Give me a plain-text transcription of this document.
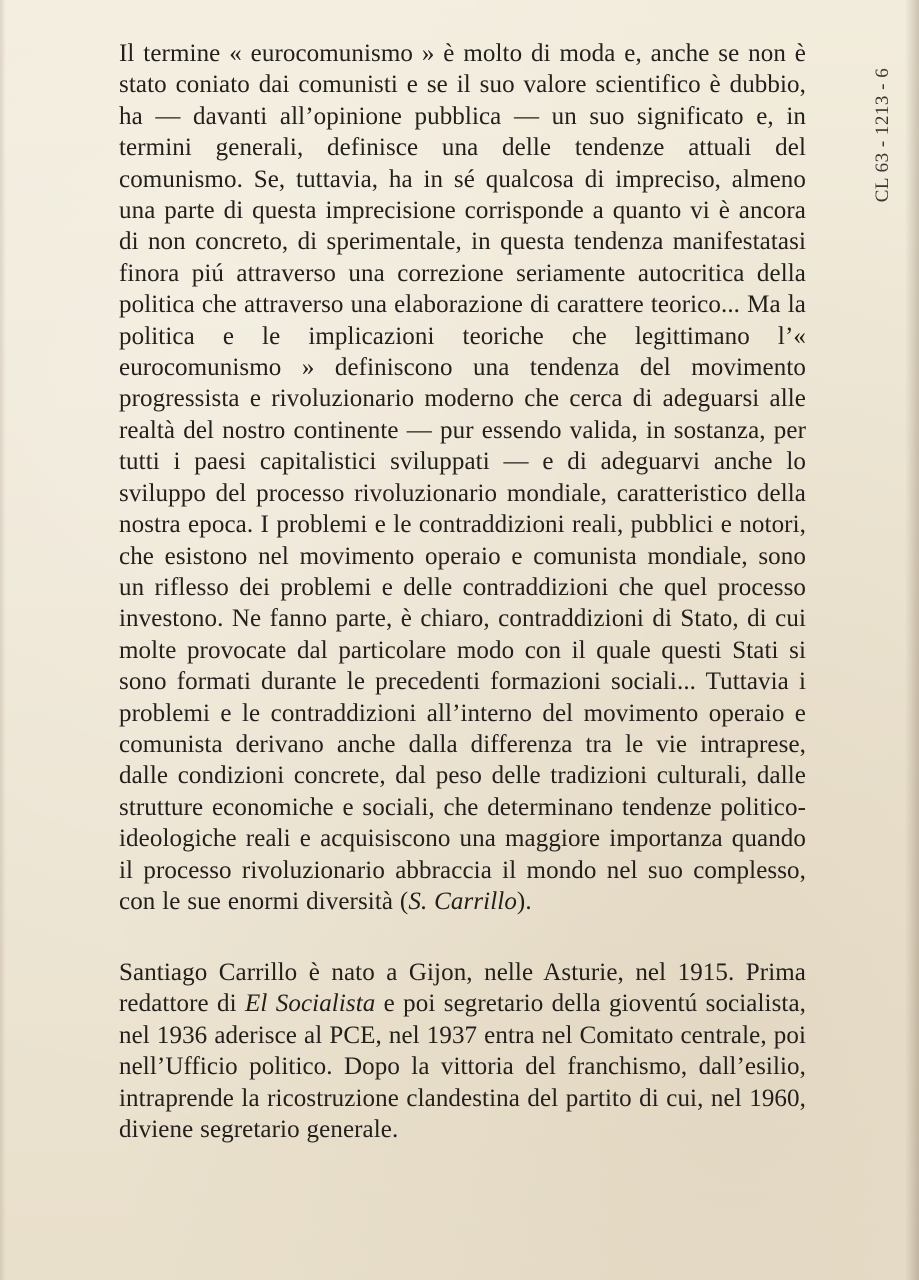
Il termine « eurocomunismo » è molto di moda e, anche se non è stato coniato dai comunisti e se il suo valore scientifico è dubbio, ha — davanti all’opinione pubblica — un suo significato e, in termini generali, definisce una delle tendenze attuali del comunismo. Se, tuttavia, ha in sé qualcosa di impreciso, almeno una parte di questa imprecisione corrisponde a quanto vi è ancora di non concreto, di sperimentale, in questa tendenza manifestatasi finora piú attraverso una correzione seriamente autocritica della politica che attraverso una elaborazione di carattere teorico... Ma la politica e le implicazioni teoriche che legittimano l’« eurocomunismo » definiscono una tendenza del movimento progressista e rivoluzionario moderno che cerca di adeguarsi alle realtà del nostro continente — pur essendo valida, in sostanza, per tutti i paesi capitalistici sviluppati — e di adeguarvi anche lo sviluppo del processo rivoluzionario mondiale, caratteristico della nostra epoca. I problemi e le contraddizioni reali, pubblici e notori, che esistono nel movimento operaio e comunista mondiale, sono un riflesso dei problemi e delle contraddizioni che quel processo investono. Ne fanno parte, è chiaro, contraddizioni di Stato, di cui molte provocate dal particolare modo con il quale questi Stati si sono formati durante le precedenti formazioni sociali... Tuttavia i problemi e le contraddizioni all’interno del movimento operaio e comunista derivano anche dalla differenza tra le vie intraprese, dalle condizioni concrete, dal peso delle tradizioni culturali, dalle strutture economiche e sociali, che determinano tendenze politico-ideologiche reali e acquisiscono una maggiore importanza quando il processo rivoluzionario abbraccia il mondo nel suo complesso, con le sue enormi diversità (S. Carrillo).

Santiago Carrillo è nato a Gijon, nelle Asturie, nel 1915. Prima redattore di El Socialista e poi segretario della gioventú socialista, nel 1936 aderisce al PCE, nel 1937 entra nel Comitato centrale, poi nell’Ufficio politico. Dopo la vittoria del franchismo, dall’esilio, intraprende la ricostruzione clandestina del partito di cui, nel 1960, diviene segretario generale.

CL 63 - 1213 - 6
